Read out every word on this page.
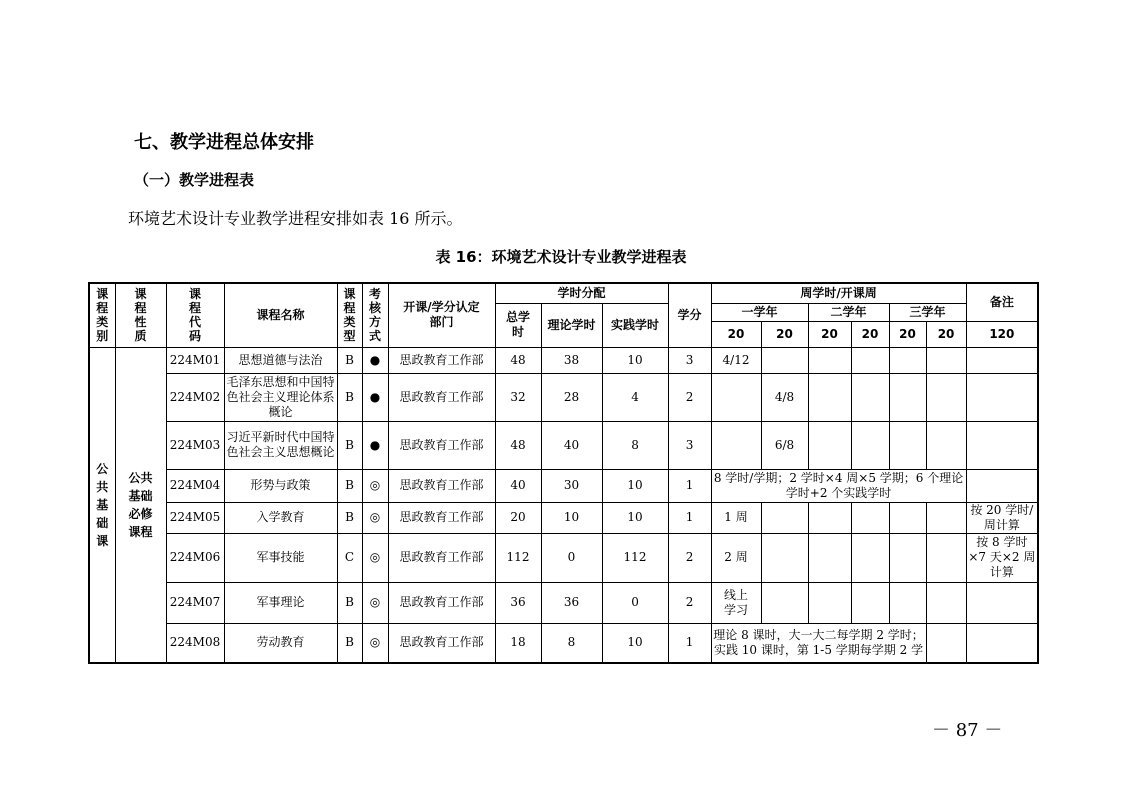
七、教学进程总体安排
（一）教学进程表
环境艺术设计专业教学进程安排如表 16 所示。
表 16：环境艺术设计专业教学进程表
课程类别	课程性质	课程代码	课程名称	课程类型	考核方式	开课/学分认定部门	学时分配			学分	周学时/开课周						备注
							总学时	理论学时	实践学时		一学年		二学年		三学年		
											20	20	20	20	20	20	120
公共基础课	公共基础必修课程	224M01	思想道德与法治	B	●	思政教育工作部	48	38	10	3	4/12						
		224M02	毛泽东思想和中国特色社会主义理论体系概论	B	●	思政教育工作部	32	28	4	2		4/8					
		224M03	习近平新时代中国特色社会主义思想概论	B	●	思政教育工作部	48	40	8	3		6/8					
		224M04	形势与政策	B	◎	思政教育工作部	40	30	10	1	8 学时/学期；2 学时×4 周×5 学期；6 个理论学时+2 个实践学时						
		224M05	入学教育	B	◎	思政教育工作部	20	10	10	1	1 周						按 20 学时/周计算
		224M06	军事技能	C	◎	思政教育工作部	112	0	112	2	2 周						按 8 学时×7 天×2 周计算
		224M07	军事理论	B	◎	思政教育工作部	36	36	0	2	线上学习						
		224M08	劳动教育	B	◎	思政教育工作部	18	8	10	1	理论 8 课时，大一大二每学期 2 学时；实践 10 课时，第 1-5 学期每学期 2 学						
－ 87 －
